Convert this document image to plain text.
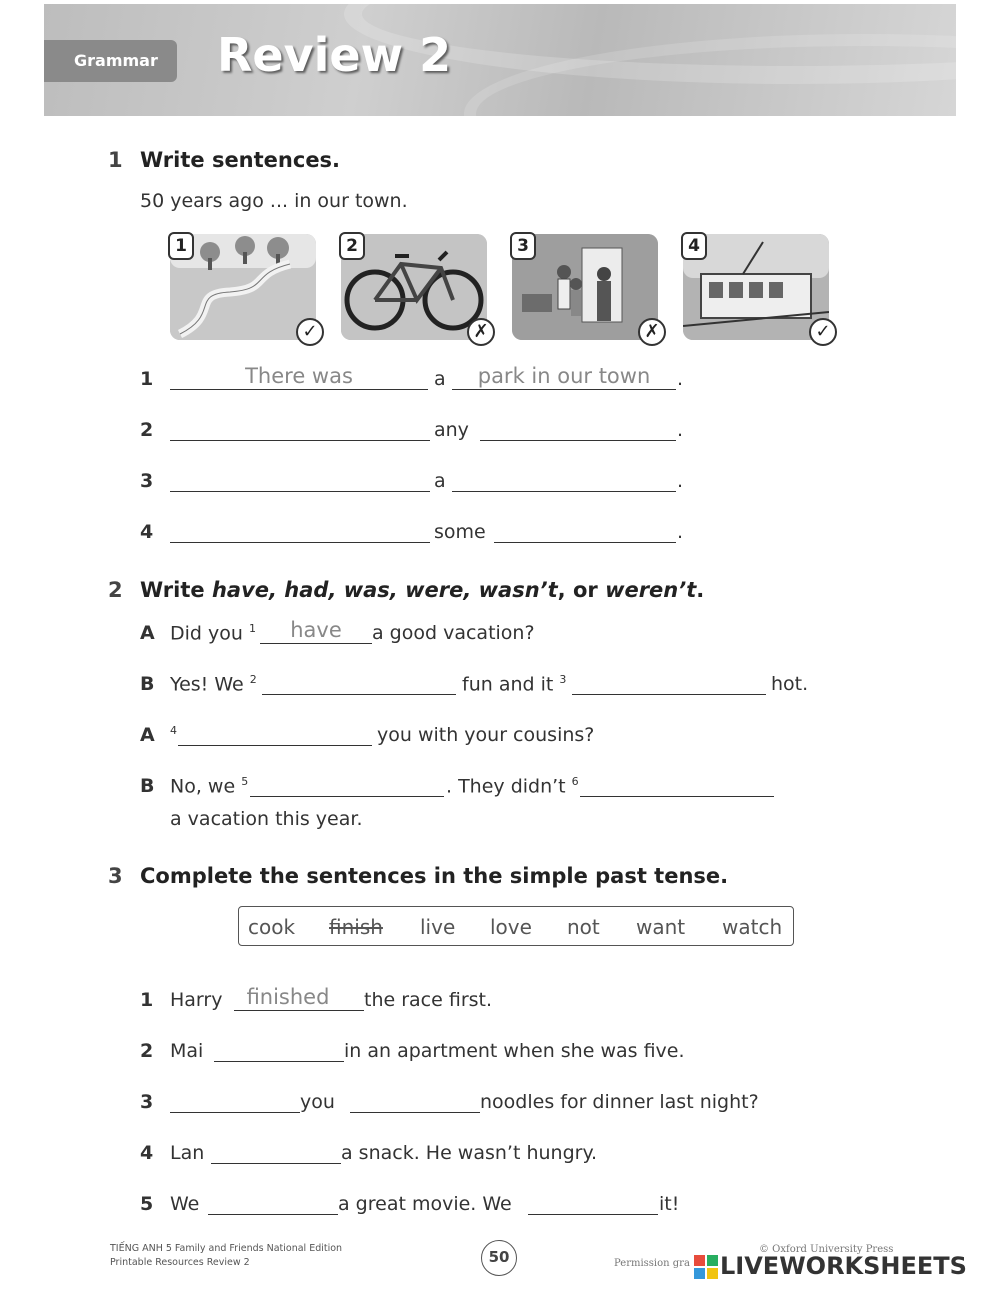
Grammar	Review 2
1 Write sentences.
50 years ago ... in our town.
1
✓
2
✗
3
✗
4
✓
1	There was	a	park in our town	.
2	any	.
3	a	.
4	some	.
2 Write have, had, was, were, wasn’t, or weren’t.
A Did you $^1$	have	a good vacation?
B Yes! We $^2$	fun and it $^3$	hot.
A $^4$	you with your cousins?
B No, we $^5$	. They didn’t $^6$
a vacation this year.
3 Complete the sentences in the simple past tense.
cook finish live love not want watch
1 Harry	finished	the race first.
2 Mai	in an apartment when she was five.
3	you	noodles for dinner last night?
4 Lan	a snack. He wasn’t hungry.
5 We	a great movie. We	it!
TIẾNG ANH 5 Family and Friends National Edition
Printable Resources Review 2	50	© Oxford University Press
Permission gra LIVEWORKSHEETS
